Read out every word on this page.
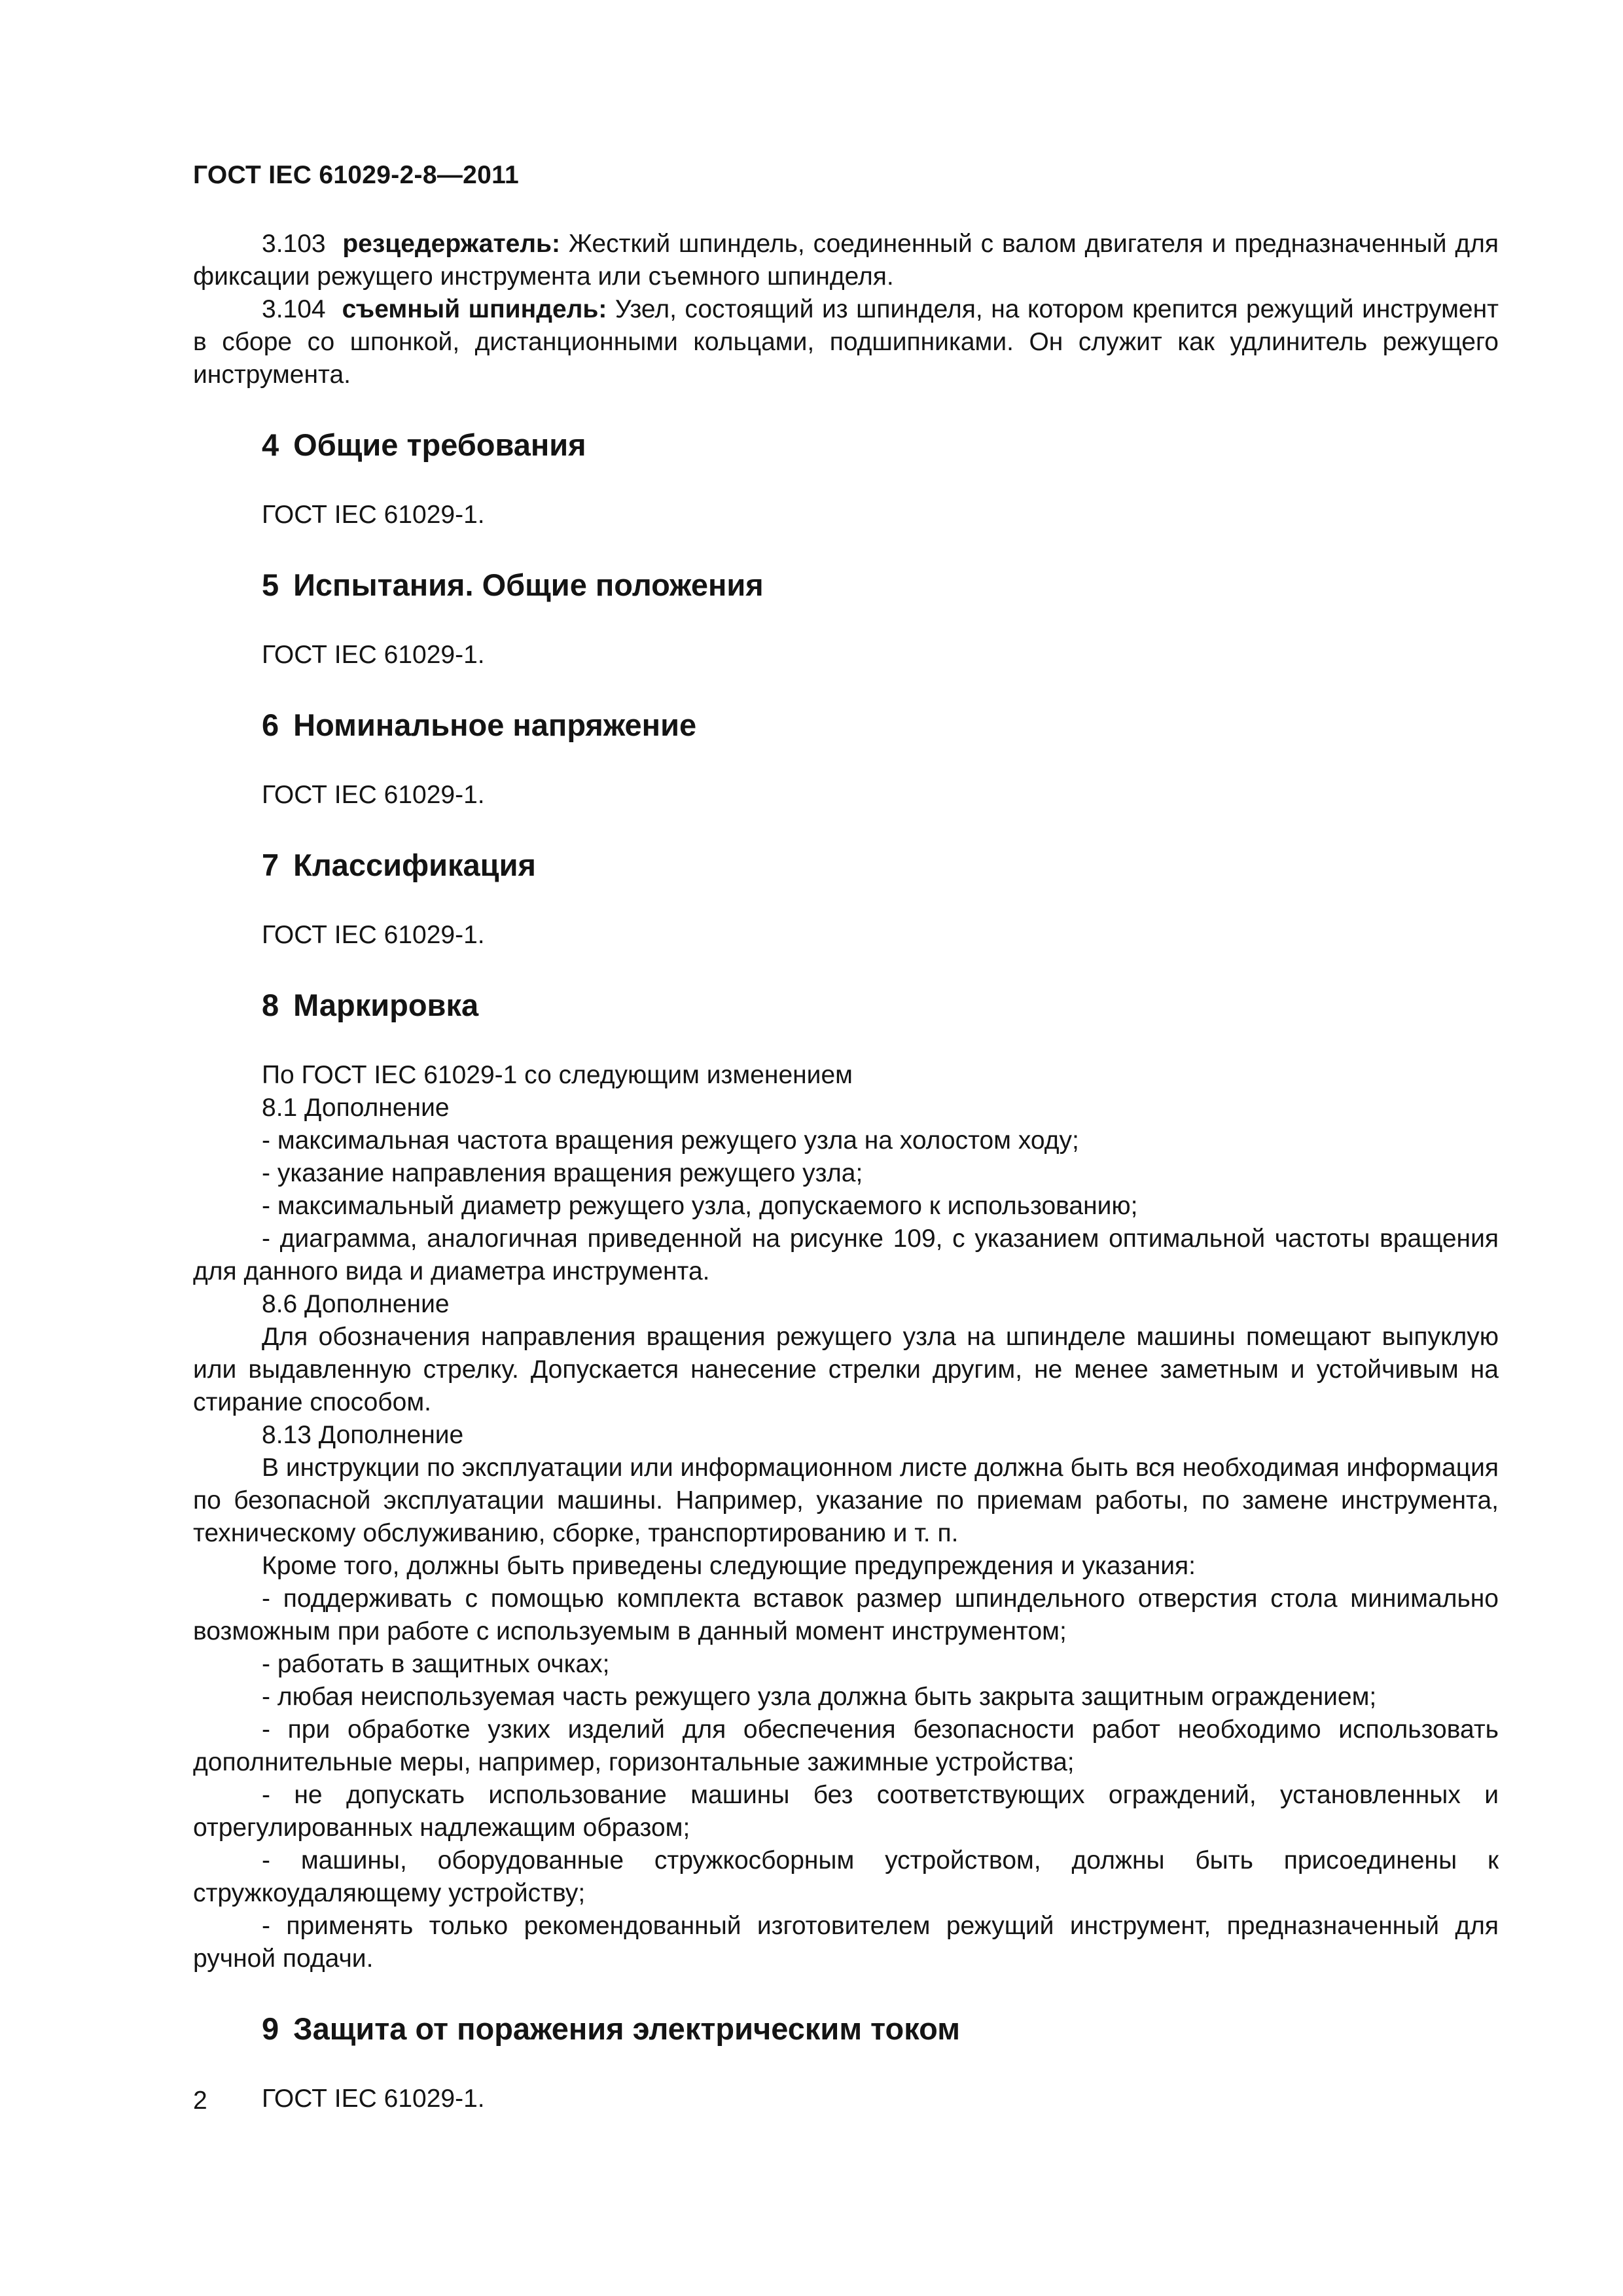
ГОСТ IEC 61029-2-8—2011

3.103 резцедержатель: Жесткий шпиндель, соединенный с валом двигателя и предназначенный для фиксации режущего инструмента или съемного шпинделя.

3.104 съемный шпиндель: Узел, состоящий из шпинделя, на котором крепится режущий инструмент в сборе со шпонкой, дистанционными кольцами, подшипниками. Он служит как удлинитель режущего инструмента.

4 Общие требования

ГОСТ IEC 61029-1.

5 Испытания. Общие положения

ГОСТ IEC 61029-1.

6 Номинальное напряжение

ГОСТ IEC 61029-1.

7 Классификация

ГОСТ IEC 61029-1.

8 Маркировка

По ГОСТ IEC 61029-1 со следующим изменением

8.1 Дополнение

- максимальная частота вращения режущего узла на холостом ходу;

- указание направления вращения режущего узла;

- максимальный диаметр режущего узла, допускаемого к использованию;

- диаграмма, аналогичная приведенной на рисунке 109, с указанием оптимальной частоты вращения для данного вида и диаметра инструмента.

8.6 Дополнение

Для обозначения направления вращения режущего узла на шпинделе машины помещают выпуклую или выдавленную стрелку. Допускается нанесение стрелки другим, не менее заметным и устойчивым на стирание способом.

8.13 Дополнение

В инструкции по эксплуатации или информационном листе должна быть вся необходимая информация по безопасной эксплуатации машины. Например, указание по приемам работы, по замене инструмента, техническому обслуживанию, сборке, транспортированию и т. п.

Кроме того, должны быть приведены следующие предупреждения и указания:

- поддерживать с помощью комплекта вставок размер шпиндельного отверстия стола минимально возможным при работе с используемым в данный момент инструментом;

- работать в защитных очках;

- любая неиспользуемая часть режущего узла должна быть закрыта защитным ограждением;

- при обработке узких изделий для обеспечения безопасности работ необходимо использовать дополнительные меры, например, горизонтальные зажимные устройства;

- не допускать использование машины без соответствующих ограждений, установленных и отрегулированных надлежащим образом;

- машины, оборудованные стружкосборным устройством, должны быть присоединены к стружкоудаляющему устройству;

- применять только рекомендованный изготовителем режущий инструмент, предназначенный для ручной подачи.

9 Защита от поражения электрическим током

ГОСТ IEC 61029-1.

2
